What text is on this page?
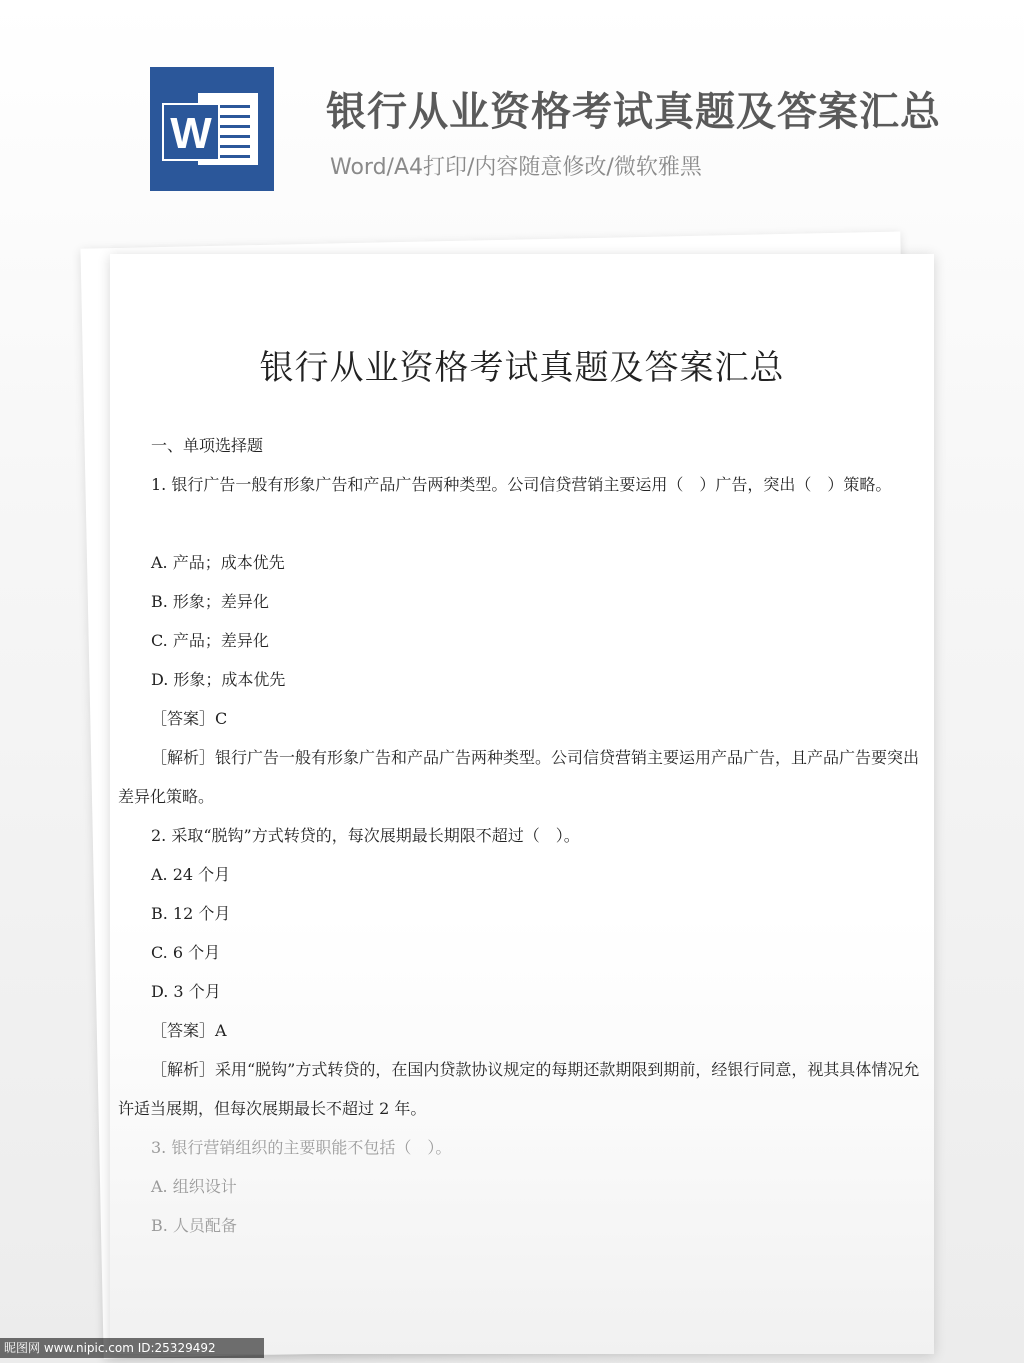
W	银行从业资格考试真题及答案汇总
Word/A4打印/内容随意修改/微软雅黑
银行从业资格考试真题及答案汇总
一、单项选择题
1. 银行广告一般有形象广告和产品广告两种类型。公司信贷营销主要运用（　）广告，突出（　）策略。
A. 产品；成本优先
B. 形象；差异化
C. 产品；差异化
D. 形象；成本优先
［答案］C
［解析］银行广告一般有形象广告和产品广告两种类型。公司信贷营销主要运用产品广告，且产品广告要突出差异化策略。
2. 采取“脱钩”方式转贷的，每次展期最长期限不超过（　）。
A. 24 个月
B. 12 个月
C. 6 个月
D. 3 个月
［答案］A
［解析］采用“脱钩”方式转贷的，在国内贷款协议规定的每期还款期限到期前，经银行同意，视其具体情况允许适当展期，但每次展期最长不超过 2 年。
3. 银行营销组织的主要职能不包括（　）。
A. 组织设计
B. 人员配备
昵图网 www.nipic.com ID:25329492
